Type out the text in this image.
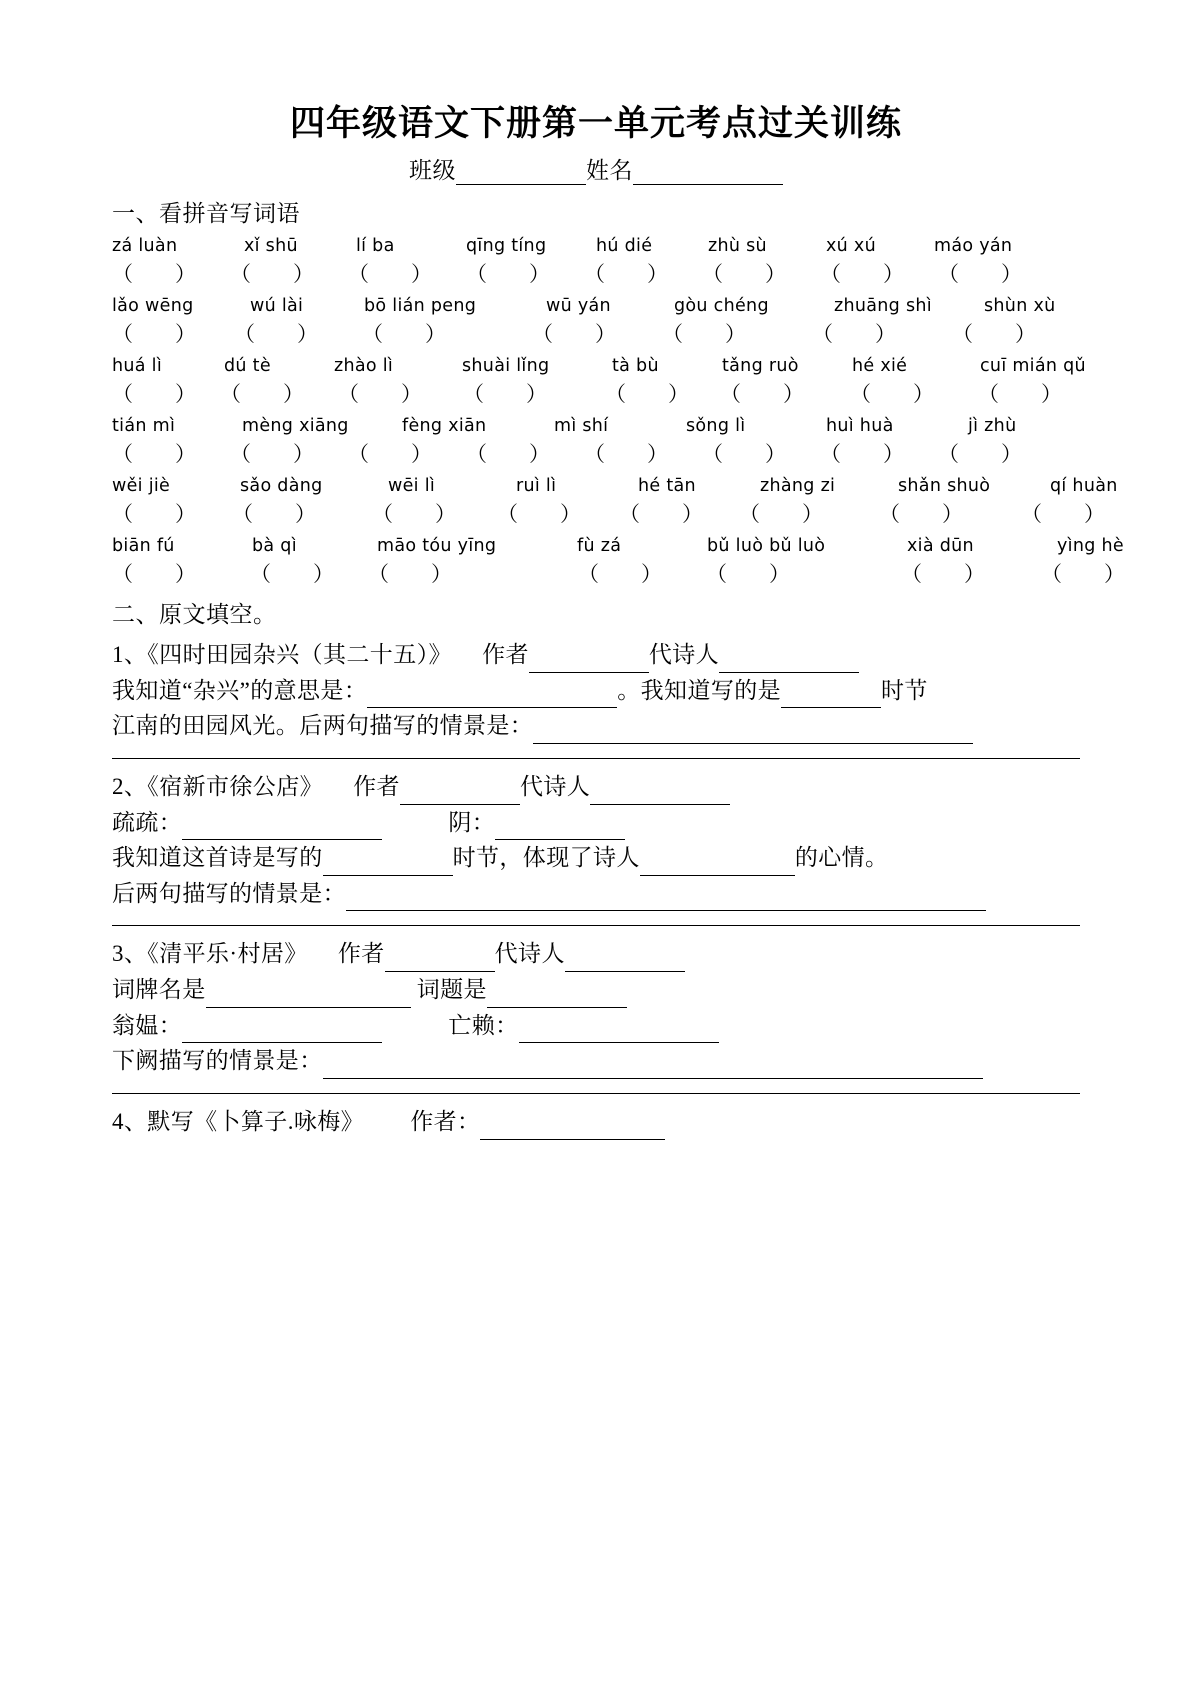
四年级语文下册第一单元考点过关训练
班级	姓名
一、看拼音写词语
zá luàn	xǐ shū	lí ba	qīng tíng	hú dié	zhù sù	xú xú	máo yán
（　　） （　　） （　　） （　　） （　　） （　　） （　　） （　　）
lǎo wēng	wú lài	bō lián peng	wū yán	gòu chéng	zhuāng shì	shùn xù
（　　） （　　） （　　）	（　　） （　　）	（　　）	（　　）
huá lì	dú tè	zhào lì	shuài lǐng	tà bù	tǎng ruò	hé xié	cuī mián qǔ
（　　） （　　） （　　） （　　）	（　　） （　　） （　　） （　　）
tián mì	mèng xiāng	fèng xiān	mì shí	sǒng lì	huì huà	jì zhù
（　　） （　　） （　　） （　　） （　　） （　　） （　　） （　　）
wěi jiè	sǎo dàng	wēi lì	ruì lì	hé tān	zhàng zi	shǎn shuò	qí huàn
（　　） （　　）	（　　） （　　） （　　） （　　）	（　　）	（　　）
biān fú	bà qì	māo tóu yīng	fù zá	bǔ luò bǔ luò	xià dūn	yìng hè
（　　）	（　　） （　　）	（　　） （　　）	（　　）	（　　）
二、原文填空。
1、《四时田园杂兴（其二十五）》 作者	代诗人
我知道“杂兴”的意思是：	。我知道写的是	时节
江南的田园风光。后两句描写的情景是：
2、《宿新市徐公店》 作者	代诗人
疏疏：	阴：
我知道这首诗是写的	时节，体现了诗人	的心情。
后两句描写的情景是：
3、《清平乐·村居》 作者	代诗人
词牌名是	词题是
翁媪：	亡赖：
下阙描写的情景是：
4、默写《卜算子.咏梅》 作者：
